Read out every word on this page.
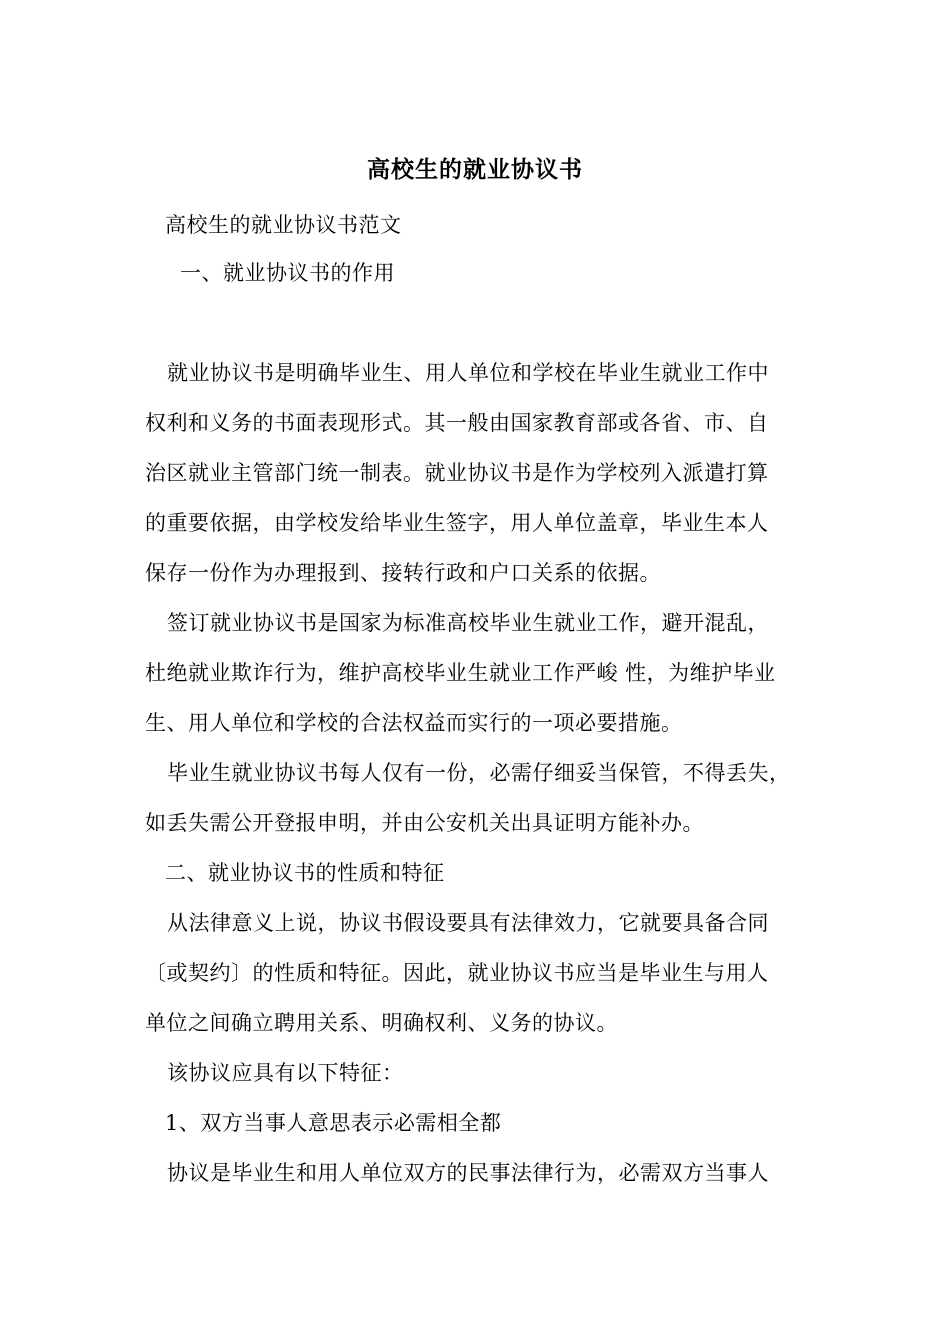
高校生的就业协议书
高校生的就业协议书范文
一、就业协议书的作用
就业协议书是明确毕业生、用人单位和学校在毕业生就业工作中
权利和义务的书面表现形式。其一般由国家教育部或各省、市、自
治区就业主管部门统一制表。就业协议书是作为学校列入派遣打算
的重要依据，由学校发给毕业生签字，用人单位盖章，毕业生本人
保存一份作为办理报到、接转行政和户口关系的依据。
签订就业协议书是国家为标准高校毕业生就业工作，避开混乱，
杜绝就业欺诈行为，维护高校毕业生就业工作严峻 性，为维护毕业
生、用人单位和学校的合法权益而实行的一项必要措施。
毕业生就业协议书每人仅有一份，必需仔细妥当保管，不得丢失，
如丢失需公开登报申明，并由公安机关出具证明方能补办。
二、就业协议书的性质和特征
从法律意义上说，协议书假设要具有法律效力，它就要具备合同
〔或契约〕的性质和特征。因此，就业协议书应当是毕业生与用人
单位之间确立聘用关系、明确权利、义务的协议。
该协议应具有以下特征：
1、双方当事人意思表示必需相全都
协议是毕业生和用人单位双方的民事法律行为，必需双方当事人
